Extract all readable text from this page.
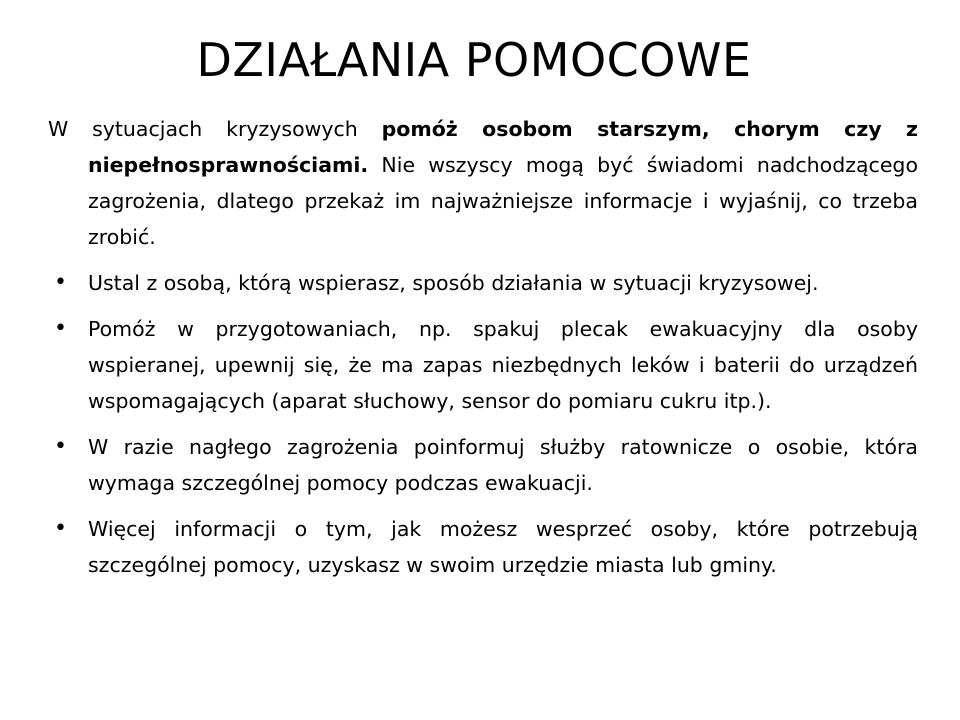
DZIAŁANIA POMOCOWE

W sytuacjach kryzysowych pomóż osobom starszym, chorym czy z niepełnosprawnościami. Nie wszyscy mogą być świadomi nadchodzącego zagrożenia, dlatego przekaż im najważniejsze informacje i wyjaśnij, co trzeba zrobić.

• Ustal z osobą, którą wspierasz, sposób działania w sytuacji kryzysowej.
• Pomóż w przygotowaniach, np. spakuj plecak ewakuacyjny dla osoby wspieranej, upewnij się, że ma zapas niezbędnych leków i baterii do urządzeń wspomagających (aparat słuchowy, sensor do pomiaru cukru itp.).
• W razie nagłego zagrożenia poinformuj służby ratownicze o osobie, która wymaga szczególnej pomocy podczas ewakuacji.
• Więcej informacji o tym, jak możesz wesprzeć osoby, które potrzebują szczególnej pomocy, uzyskasz w swoim urzędzie miasta lub gminy.
